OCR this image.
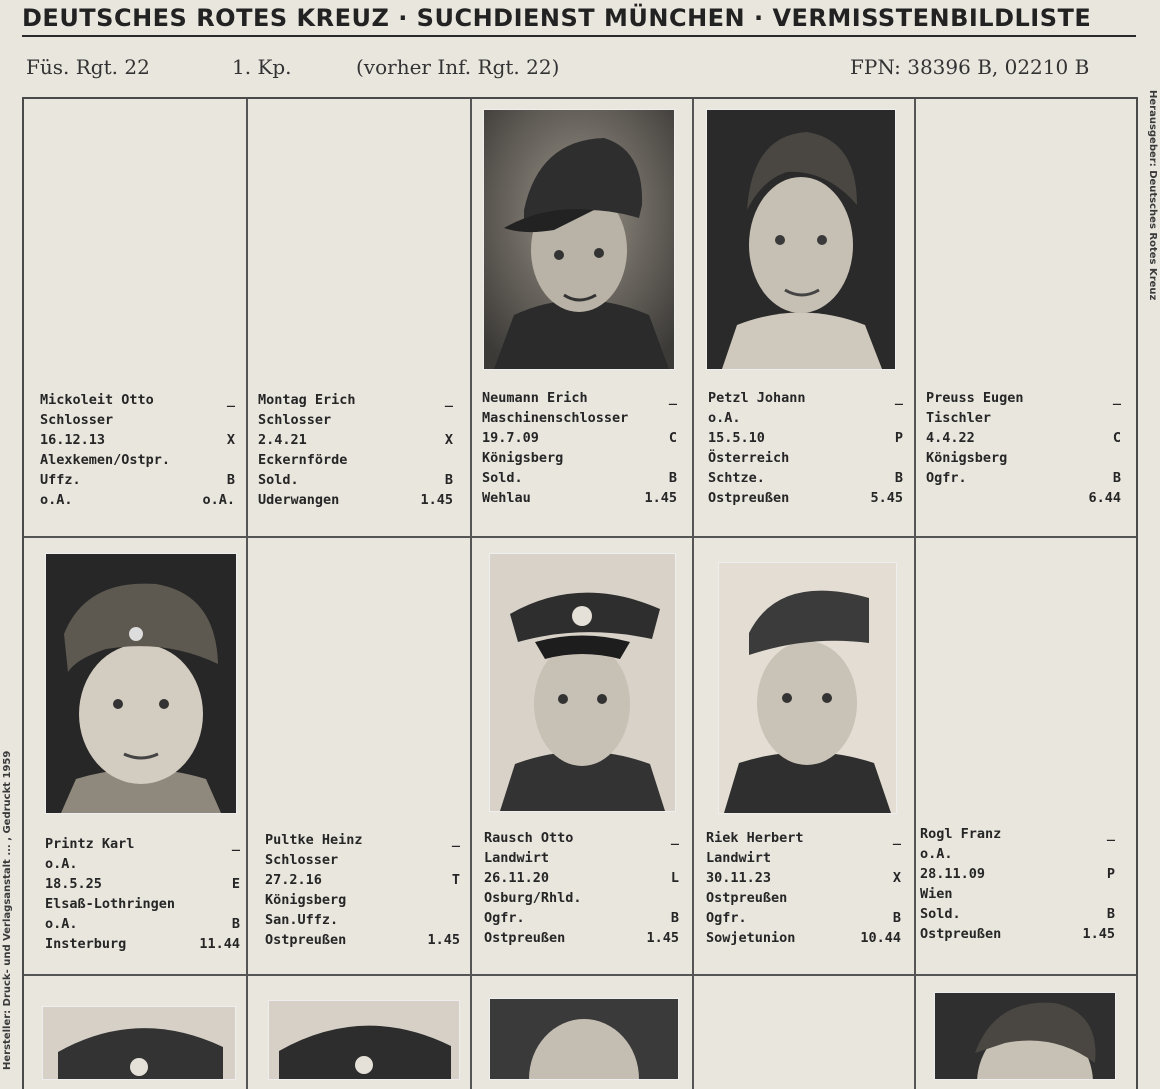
DEUTSCHES ROTES KREUZ · SUCHDIENST MÜNCHEN · VERMISSTENBILDLISTE
Füs. Rgt. 22	1. Kp.	(vorher Inf. Rgt. 22)	FPN: 38396 B, 02210 B
Hersteller: Druck- und Verlagsanstalt ... , Gedruckt 1959
Herausgeber: Deutsches Rotes Kreuz
Mickoleit Otto	_
Schlosser
16.12.13	X
Alexkemen/Ostpr.
Uffz.	B
o.A.	o.A.
Montag Erich	_
Schlosser
2.4.21	X
Eckernförde
Sold.	B
Uderwangen	1.45
Neumann Erich	_
Maschinenschlosser
19.7.09	C
Königsberg
Sold.	B
Wehlau	1.45
Petzl Johann	_
o.A.
15.5.10	P
Österreich
Schtze.	B
Ostpreußen	5.45
Preuss Eugen	_
Tischler
4.4.22	C
Königsberg
Ogfr.	B
6.44
Printz Karl	_
o.A.
18.5.25	E
Elsaß-Lothringen
o.A.	B
Insterburg	11.44
Pultke Heinz	_
Schlosser
27.2.16	T
Königsberg
San.Uffz.
Ostpreußen	1.45
Rausch Otto	_
Landwirt
26.11.20	L
Osburg/Rhld.
Ogfr.	B
Ostpreußen	1.45
Riek Herbert	_
Landwirt
30.11.23	X
Ostpreußen
Ogfr.	B
Sowjetunion	10.44
Rogl Franz	_
o.A.
28.11.09	P
Wien
Sold.	B
Ostpreußen	1.45
